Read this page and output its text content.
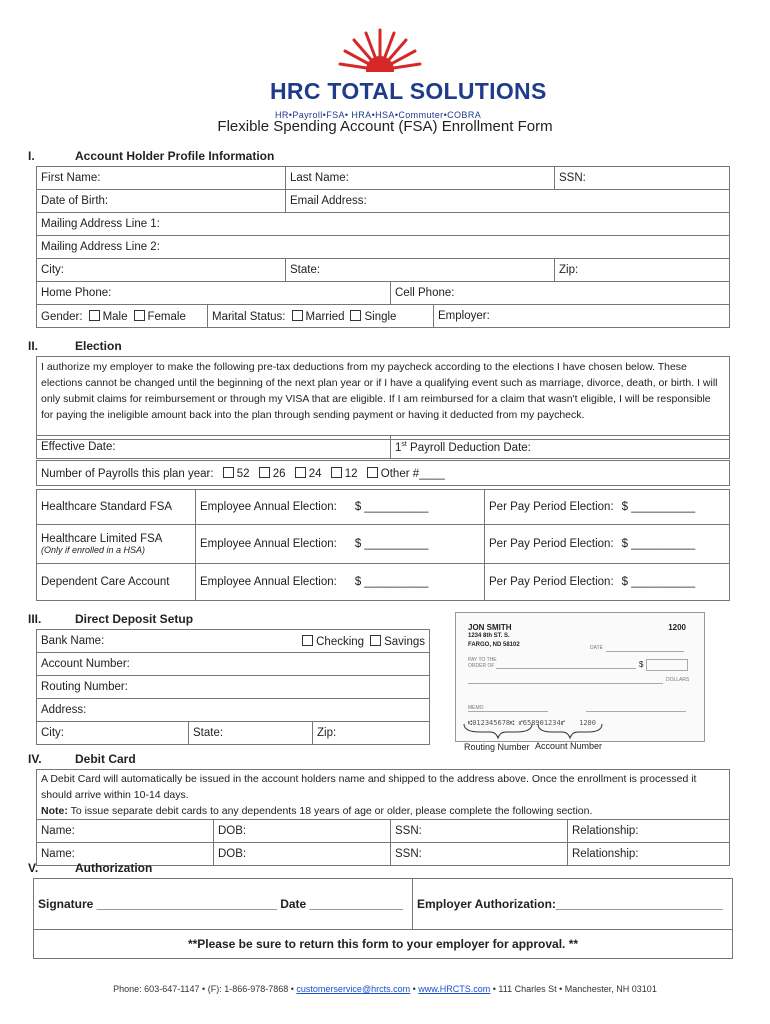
HRC TOTAL SOLUTIONS
HR•Payroll•FSA• HRA•HSA•Commuter•COBRA
Flexible Spending Account (FSA) Enrollment Form
I.	Account Holder Profile Information
First Name:	Last Name:	SSN:
Date of Birth:	Email Address:	
Mailing Address Line 1:		
Mailing Address Line 2:		
City:	State:	Zip:
Home Phone:	Cell Phone:
Gender: Male Female	Marital Status: Married Single	Employer:
II.	Election
I authorize my employer to make the following pre-tax deductions from my paycheck according to the elections I have chosen below. These elections cannot be changed until the beginning of the next plan year or if I have a qualifying event such as marriage, divorce, death, or birth. I will only submit claims for reimbursement or through my VISA that are eligible. If I am reimbursed for a claim that wasn't eligible, I will be responsible for paying the ineligible amount back into the plan through sending payment or having it deducted from my paycheck.
Effective Date:	1st Payroll Deduction Date:
Number of Payrolls this plan year: 52 26 24 12 Other #____
Healthcare Standard FSA	Employee Annual Election: $ __________	Per Pay Period Election: $ __________

Healthcare Limited FSA
(Only if enrolled in a HSA)	Employee Annual Election: $ __________	Per Pay Period Election: $ __________
Dependent Care Account	Employee Annual Election: $ __________	Per Pay Period Election: $ __________
III.	Direct Deposit Setup
Bank Name:	Checking Savings

Account Number:
Routing Number:
Address:
City:	State:	Zip:
JON SMITH
1234 8th ST. S.
FARGO, ND 58102
1200
DATE
PAY TO THE
ORDER OF	$
DOLLARS
MEMO
⑆012345678⑆ ⑈658901234⑈ 1200
Routing Number Account Number
IV.	Debit Card
A Debit Card will automatically be issued in the account holders name and shipped to the address above. Once the enrollment is processed it should arrive within 10-14 days.
Note: To issue separate debit cards to any dependents 18 years of age or older, please complete the following section.
Name:	DOB:	SSN:	Relationship:
Name:	DOB:	SSN:	Relationship:
V.	Authorization
Signature ___________________________ Date ______________	Employer Authorization:_________________________
**Please be sure to return this form to your employer for approval. **
Phone: 603-647-1147 • (F): 1-866-978-7868 • customerservice@hrcts.com • www.HRCTS.com • 111 Charles St • Manchester, NH 03101
